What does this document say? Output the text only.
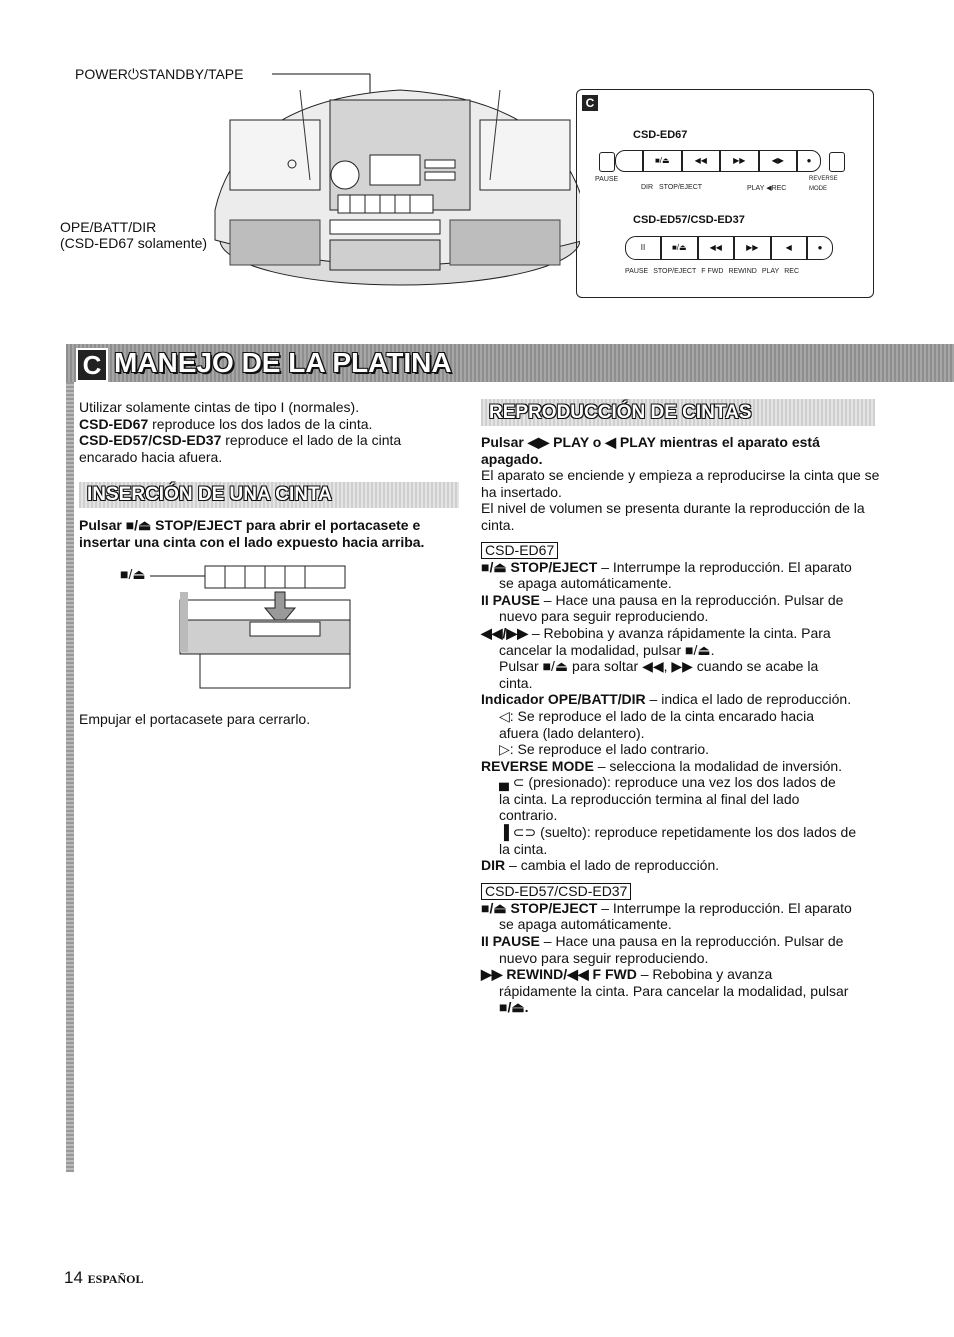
POWER⏻STANDBY/TAPE
OPE/BATT/DIR
(CSD-ED67 solamente)
C
CSD-ED67
■/⏏	◀◀	▶▶	◀▶	●
PAUSE
DIR STOP/EJECT	PLAY ◀REC
REVERSE
MODE
CSD-ED57/CSD-ED37
II	■/⏏	◀◀	▶▶	◀	●
PAUSE STOP/EJECT F FWD REWIND PLAY REC
C MANEJO DE LA PLATINA
Utilizar solamente cintas de tipo I (normales).
CSD-ED67 reproduce los dos lados de la cinta.
CSD-ED57/CSD-ED37 reproduce el lado de la cinta encarado hacia afuera.
INSERCIÓN DE UNA CINTA
Pulsar ■/⏏ STOP/EJECT para abrir el portacasete e insertar una cinta con el lado expuesto hacia arriba.
■/⏏
Empujar el portacasete para cerrarlo.
REPRODUCCIÓN DE CINTAS
Pulsar ◀▶ PLAY o ◀ PLAY mientras el aparato está apagado.
El aparato se enciende y empieza a reproducirse la cinta que se ha insertado.
El nivel de volumen se presenta durante la reproducción de la cinta.
CSD-ED67
■/⏏ STOP/EJECT – Interrumpe la reproducción. El aparato
se apaga automáticamente.
II PAUSE – Hace una pausa en la reproducción. Pulsar de
nuevo para seguir reproduciendo.
◀◀/▶▶ – Rebobina y avanza rápidamente la cinta. Para
cancelar la modalidad, pulsar ■/⏏.
Pulsar ■/⏏ para soltar ◀◀, ▶▶ cuando se acabe la
cinta.
Indicador OPE/BATT/DIR – indica el lado de reproducción.
◁: Se reproduce el lado de la cinta encarado hacia
afuera (lado delantero).
▷: Se reproduce el lado contrario.
REVERSE MODE – selecciona la modalidad de inversión.
▄ ⊂ (presionado): reproduce una vez los dos lados de
la cinta. La reproducción termina al final del lado
contrario.
▐ ⊂⊃ (suelto): reproduce repetidamente los dos lados de
la cinta.
DIR – cambia el lado de reproducción.
CSD-ED57/CSD-ED37
■/⏏ STOP/EJECT – Interrumpe la reproducción. El aparato
se apaga automáticamente.
II PAUSE – Hace una pausa en la reproducción. Pulsar de
nuevo para seguir reproduciendo.
▶▶ REWIND/◀◀ F FWD – Rebobina y avanza
rápidamente la cinta. Para cancelar la modalidad, pulsar
■/⏏.
14 ESPAÑOL
